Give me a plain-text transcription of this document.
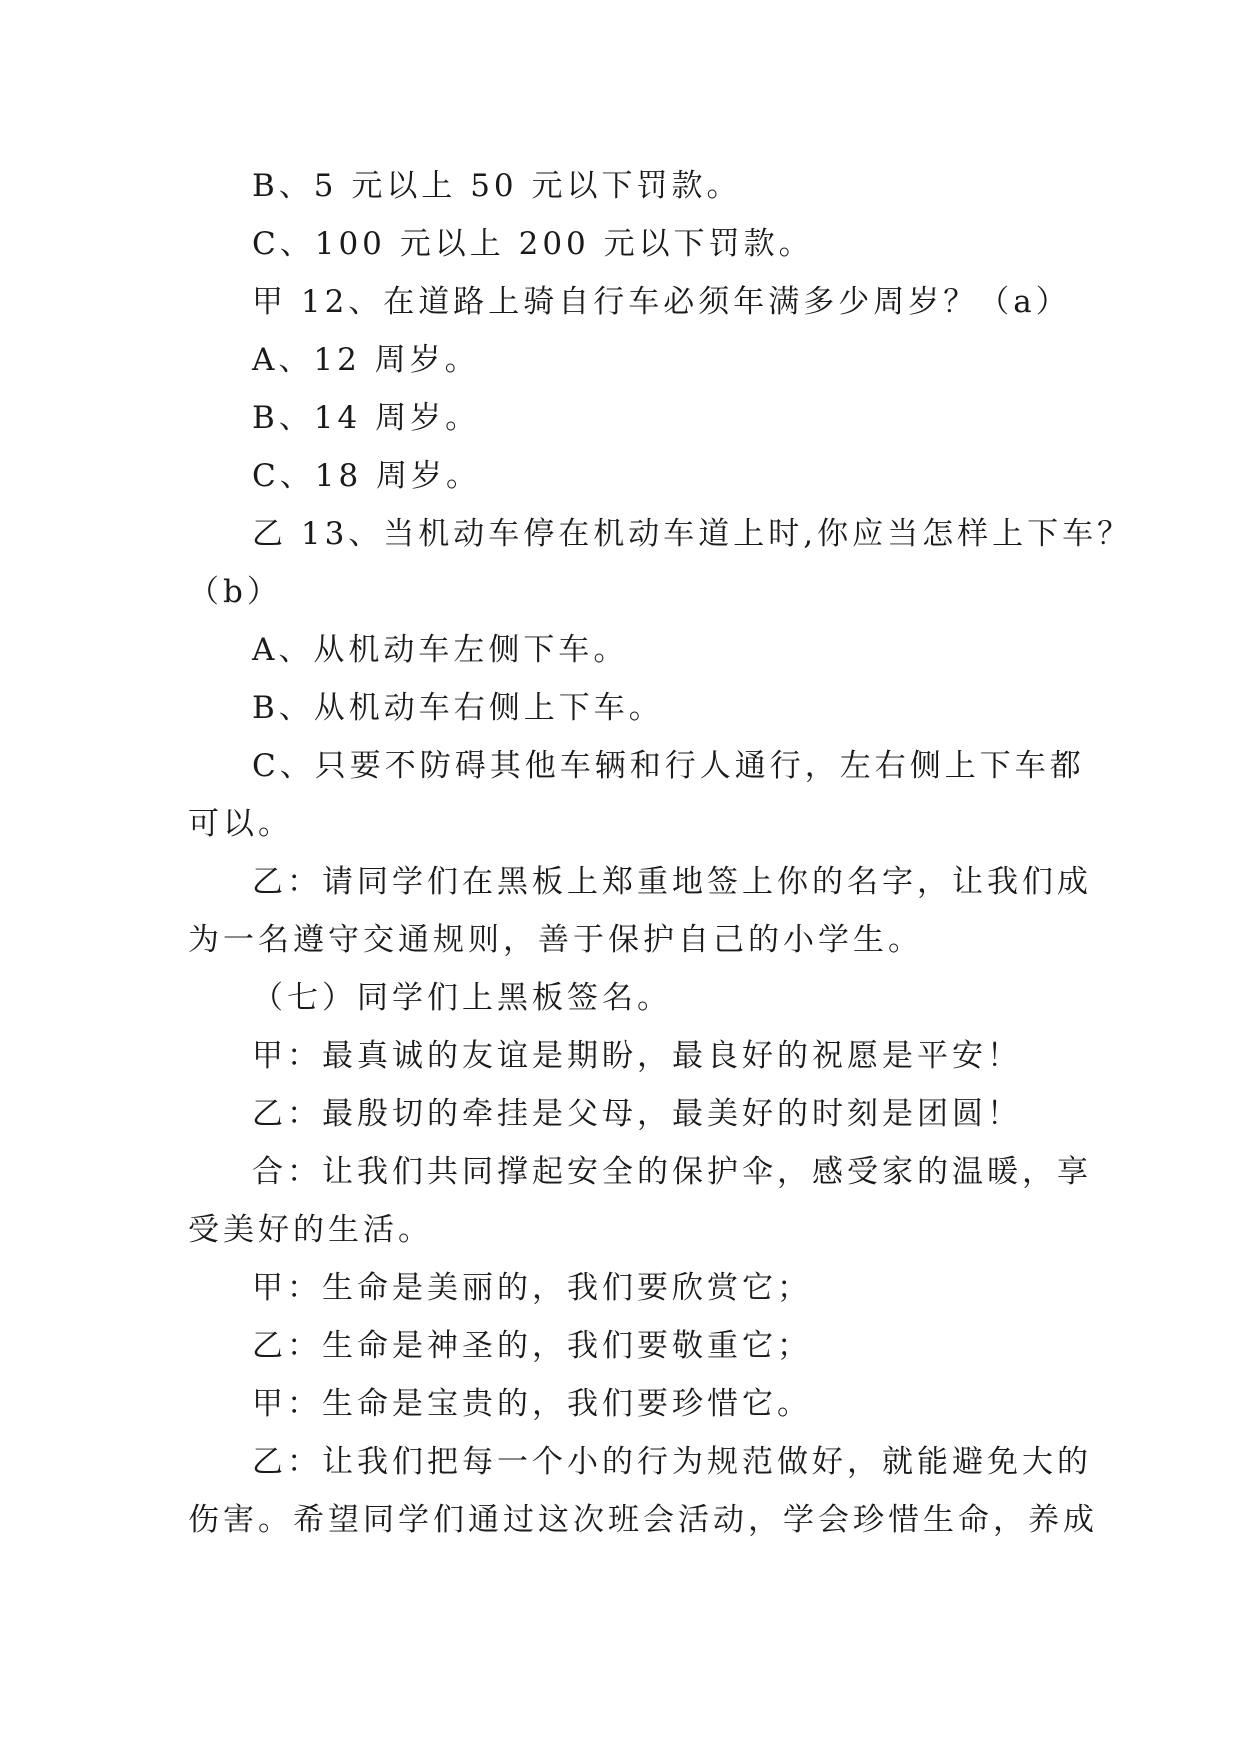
B、5 元以上 50 元以下罚款。
C、100 元以上 200 元以下罚款。
甲 12、在道路上骑自行车必须年满多少周岁？（a）
A、12 周岁。
B、14 周岁。
C、18 周岁。
乙 13、当机动车停在机动车道上时,你应当怎样上下车？
（b）
A、从机动车左侧下车。
B、从机动车右侧上下车。
C、只要不防碍其他车辆和行人通行，左右侧上下车都
可以。
乙：请同学们在黑板上郑重地签上你的名字，让我们成
为一名遵守交通规则，善于保护自己的小学生。
（七）同学们上黑板签名。
甲：最真诚的友谊是期盼，最良好的祝愿是平安！
乙：最殷切的牵挂是父母，最美好的时刻是团圆！
合：让我们共同撑起安全的保护伞，感受家的温暖，享
受美好的生活。
甲：生命是美丽的，我们要欣赏它；
乙：生命是神圣的，我们要敬重它；
甲：生命是宝贵的，我们要珍惜它。
乙：让我们把每一个小的行为规范做好，就能避免大的
伤害。希望同学们通过这次班会活动，学会珍惜生命，养成
